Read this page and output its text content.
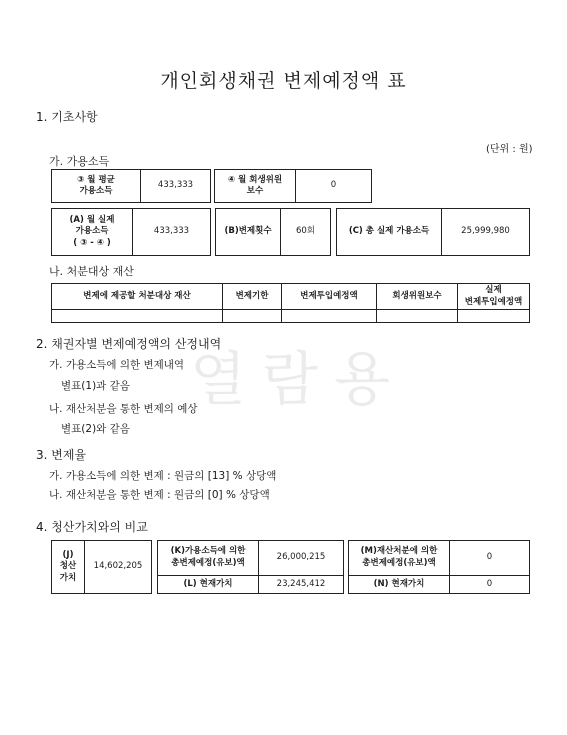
열람용
개인회생채권 변제예정액 표
1. 기초사항
(단위 : 원)
가. 가용소득
③ 월 평균
가용소득
	433,333
④ 월 회생위원
보수
	0
(A) 월 실제
가용소득
( ③ - ④ )
	433,333	(B)변제횟수	60회	(C) 총 실제 가용소득	25,999,980
나. 처분대상 재산
변제에 제공할 처분대상 재산	변제기한	변제투입예정액	회생위원보수	실제
변제투입예정액

2. 채권자별 변제예정액의 산정내역
가. 가용소득에 의한 변제내역
별표(1)과 같음
나. 재산처분을 통한 변제의 예상
별표(2)와 같음
3. 변제율
가. 가용소득에 의한 변제 : 원금의 [13] % 상당액
나. 재산처분을 통한 변제 : 원금의 [0] % 상당액
4. 청산가치와의 비교
(J)
청산
가치
	14,602,205
(K)가용소득에 의한
총변제예정(유보)액	26,000,215
(L) 현재가치	23,245,412
(M)재산처분에 의한
총변제예정(유보)액	0
(N) 현재가치	0
